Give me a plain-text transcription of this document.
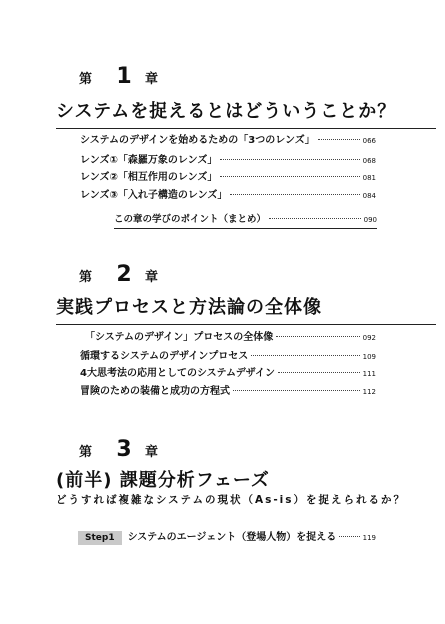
第	1	章
システムを捉えるとはどういうことか？
システムのデザインを始めるための「3つのレンズ」	066
レンズ①「森羅万象のレンズ」	068
レンズ②「相互作用のレンズ」	081
レンズ③「入れ子構造のレンズ」	084
この章の学びのポイント（まとめ）	090
第	2	章
実践プロセスと方法論の全体像
「システムのデザイン」プロセスの全体像	092
循環するシステムのデザインプロセス	109
4大思考法の応用としてのシステムデザイン	111
冒険のための装備と成功の方程式	112
第	3	章
(前半) 課題分析フェーズ
どうすれば複雑なシステムの現状（As-is）を捉えられるか？
Step1	システムのエージェント（登場人物）を捉える	119
